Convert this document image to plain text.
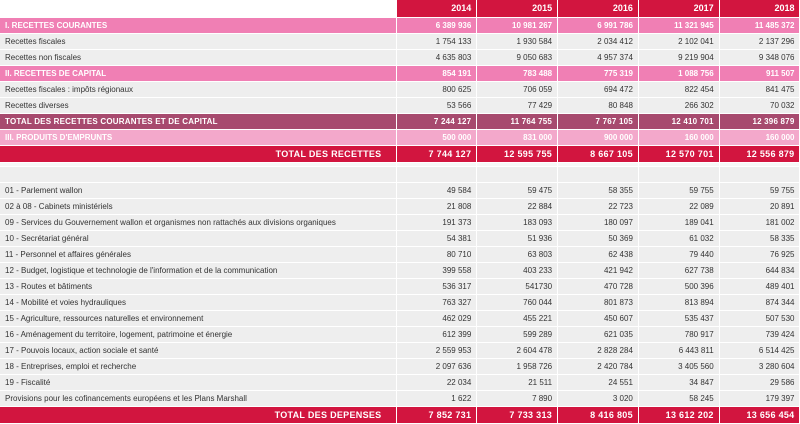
	2014	2015	2016	2017	2018
I. RECETTES COURANTES	6 389 936	10 981 267	6 991 786	11 321 945	11 485 372
Recettes fiscales	1 754 133	1 930 584	2 034 412	2 102 041	2 137 296
Recettes non fiscales	4 635 803	9 050 683	4 957 374	9 219 904	9 348 076
II. RECETTES DE CAPITAL	854 191	783 488	775 319	1 088 756	911 507
Recettes fiscales : impôts régionaux	800 625	706 059	694 472	822 454	841 475
Recettes diverses	53 566	77 429	80 848	266 302	70 032
TOTAL DES RECETTES COURANTES ET DE CAPITAL	7 244 127	11 764 755	7 767 105	12 410 701	12 396 879
III. PRODUITS D'EMPRUNTS	500 000	831 000	900 000	160 000	160 000
TOTAL DES RECETTES	7 744 127	12 595 755	8 667 105	12 570 701	12 556 879

01 - Parlement wallon	49 584	59 475	58 355	59 755	59 755
02 à 08 - Cabinets ministériels	21 808	22 884	22 723	22 089	20 891
09 - Services du Gouvernement wallon et organismes non rattachés aux divisions organiques	191 373	183 093	180 097	189 041	181 002
10 - Secrétariat général	54 381	51 936	50 369	61 032	58 335
11 - Personnel et affaires générales	80 710	63 803	62 438	79 440	76 925
12 - Budget, logistique et technologie de l'information et de la communication	399 558	403 233	421 942	627 738	644 834
13 - Routes et bâtiments	536 317	541730	470 728	500 396	489 401
14 - Mobilité et voies hydrauliques	763 327	760 044	801 873	813 894	874 344
15 - Agriculture, ressources naturelles et environnement	462 029	455 221	450 607	535 437	507 530
16 - Aménagement du territoire, logement, patrimoine et énergie	612 399	599 289	621 035	780 917	739 424
17 - Pouvois locaux, action sociale et santé	2 559 953	2 604 478	2 828 284	6 443 811	6 514 425
18 - Entreprises, emploi et recherche	2 097 636	1 958 726	2 420 784	3 405 560	3 280 604
19 - Fiscalité	22 034	21 511	24 551	34 847	29 586
Provisions pour les cofinancements européens et les Plans Marshall	1 622	7 890	3 020	58 245	179 397
TOTAL DES DEPENSES	7 852 731	7 733 313	8 416 805	13 612 202	13 656 454
